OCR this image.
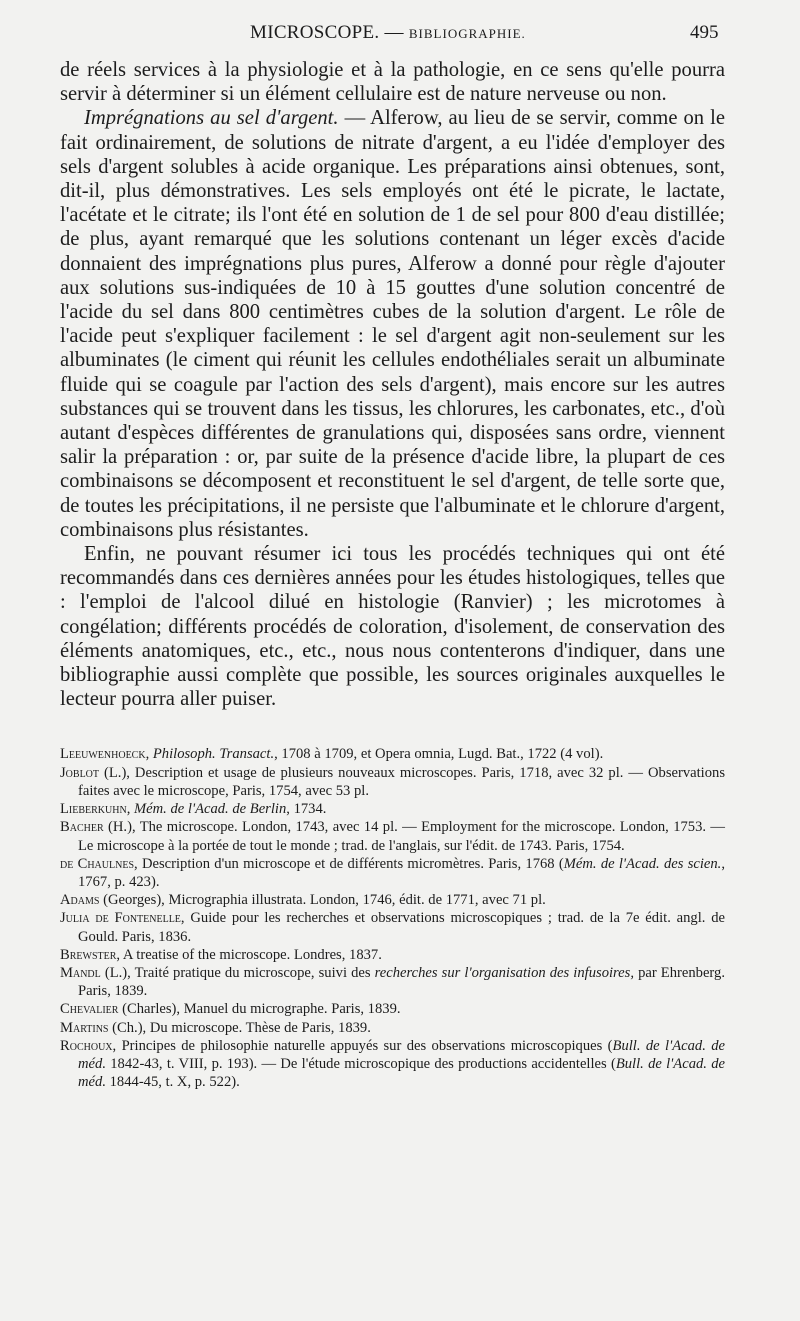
MICROSCOPE. — BIBLIOGRAPHIE.	495

de réels services à la physiologie et à la pathologie, en ce sens qu'elle pourra servir à déterminer si un élément cellulaire est de nature nerveuse ou non.

Imprégnations au sel d'argent. — Alferow, au lieu de se servir, comme on le fait ordinairement, de solutions de nitrate d'argent, a eu l'idée d'employer des sels d'argent solubles à acide organique. Les préparations ainsi obtenues, sont, dit-il, plus démonstratives. Les sels employés ont été le picrate, le lactate, l'acétate et le citrate; ils l'ont été en solution de 1 de sel pour 800 d'eau distillée; de plus, ayant remarqué que les solutions contenant un léger excès d'acide donnaient des imprégnations plus pures, Alferow a donné pour règle d'ajouter aux solutions sus-indiquées de 10 à 15 gouttes d'une solution concentré de l'acide du sel dans 800 centimètres cubes de la solution d'argent. Le rôle de l'acide peut s'expliquer facilement : le sel d'argent agit non-seulement sur les albuminates (le ciment qui réunit les cellules endothéliales serait un albuminate fluide qui se coagule par l'action des sels d'argent), mais encore sur les autres substances qui se trouvent dans les tissus, les chlorures, les carbonates, etc., d'où autant d'espèces différentes de granulations qui, disposées sans ordre, viennent salir la préparation : or, par suite de la présence d'acide libre, la plupart de ces combinaisons se décomposent et reconstituent le sel d'argent, de telle sorte que, de toutes les précipitations, il ne persiste que l'albuminate et le chlorure d'argent, combinaisons plus résistantes.

Enfin, ne pouvant résumer ici tous les procédés techniques qui ont été recommandés dans ces dernières années pour les études histologiques, telles que : l'emploi de l'alcool dilué en histologie (Ranvier) ; les microtomes à congélation; différents procédés de coloration, d'isolement, de conservation des éléments anatomiques, etc., etc., nous nous contenterons d'indiquer, dans une bibliographie aussi complète que possible, les sources originales auxquelles le lecteur pourra aller puiser.

Leeuwenhoeck, Philosoph. Transact., 1708 à 1709, et Opera omnia, Lugd. Bat., 1722 (4 vol).

Joblot (L.), Description et usage de plusieurs nouveaux microscopes. Paris, 1718, avec 32 pl. — Observations faites avec le microscope, Paris, 1754, avec 53 pl.

Lieberkuhn, Mém. de l'Acad. de Berlin, 1734.

Bacher (H.), The microscope. London, 1743, avec 14 pl. — Employment for the microscope. London, 1753. — Le microscope à la portée de tout le monde ; trad. de l'anglais, sur l'édit. de 1743. Paris, 1754.

de Chaulnes, Description d'un microscope et de différents micromètres. Paris, 1768 (Mém. de l'Acad. des scien., 1767, p. 423).

Adams (Georges), Micrographia illustrata. London, 1746, édit. de 1771, avec 71 pl.

Julia de Fontenelle, Guide pour les recherches et observations microscopiques ; trad. de la 7e édit. angl. de Gould. Paris, 1836.

Brewster, A treatise of the microscope. Londres, 1837.

Mandl (L.), Traité pratique du microscope, suivi des recherches sur l'organisation des infusoires, par Ehrenberg. Paris, 1839.

Chevalier (Charles), Manuel du micrographe. Paris, 1839.

Martins (Ch.), Du microscope. Thèse de Paris, 1839.

Rochoux, Principes de philosophie naturelle appuyés sur des observations microscopiques (Bull. de l'Acad. de méd. 1842-43, t. VIII, p. 193). — De l'étude microscopique des productions accidentelles (Bull. de l'Acad. de méd. 1844-45, t. X, p. 522).
